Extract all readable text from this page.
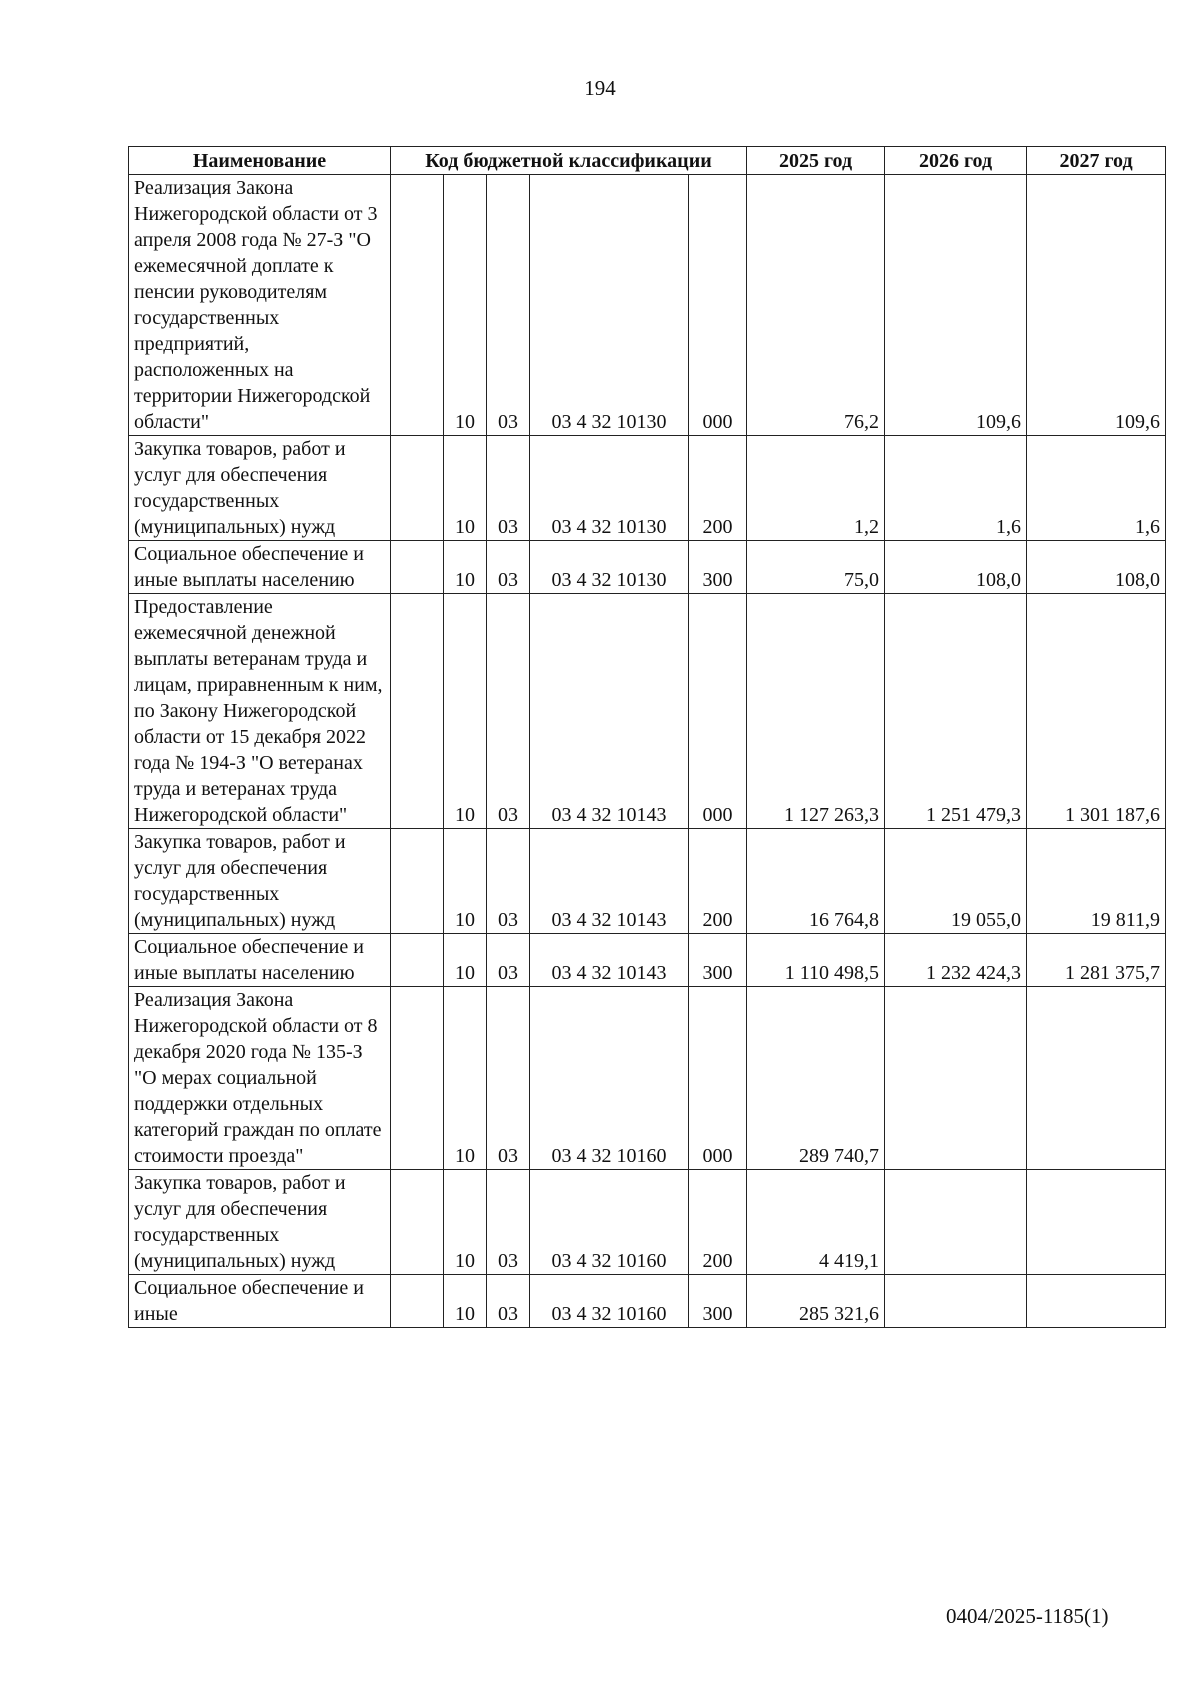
194
Наименование	Код бюджетной классификации					2025 год	2026 год	2027 год
Реализация Закона Нижегородской области от 3 апреля 2008 года № 27-З "О ежемесячной доплате к пенсии руководителям государственных предприятий, расположенных на территории Нижегородской области"		10	03	03 4 32 10130	000	76,2	109,6	109,6
Закупка товаров, работ и услуг для обеспечения государственных (муниципальных) нужд		10	03	03 4 32 10130	200	1,2	1,6	1,6
Социальное обеспечение и иные выплаты населению		10	03	03 4 32 10130	300	75,0	108,0	108,0
Предоставление ежемесячной денежной выплаты ветеранам труда и лицам, приравненным к ним, по Закону Нижегородской области от 15 декабря 2022 года № 194-З "О ветеранах труда и ветеранах труда Нижегородской области"		10	03	03 4 32 10143	000	1 127 263,3	1 251 479,3	1 301 187,6
Закупка товаров, работ и услуг для обеспечения государственных (муниципальных) нужд		10	03	03 4 32 10143	200	16 764,8	19 055,0	19 811,9
Социальное обеспечение и иные выплаты населению		10	03	03 4 32 10143	300	1 110 498,5	1 232 424,3	1 281 375,7
Реализация Закона Нижегородской области от 8 декабря 2020 года № 135-З "О мерах социальной поддержки отдельных категорий граждан по оплате стоимости проезда"		10	03	03 4 32 10160	000	289 740,7		
Закупка товаров, работ и услуг для обеспечения государственных (муниципальных) нужд		10	03	03 4 32 10160	200	4 419,1		
Социальное обеспечение и иные		10	03	03 4 32 10160	300	285 321,6		
0404/2025-1185(1)
